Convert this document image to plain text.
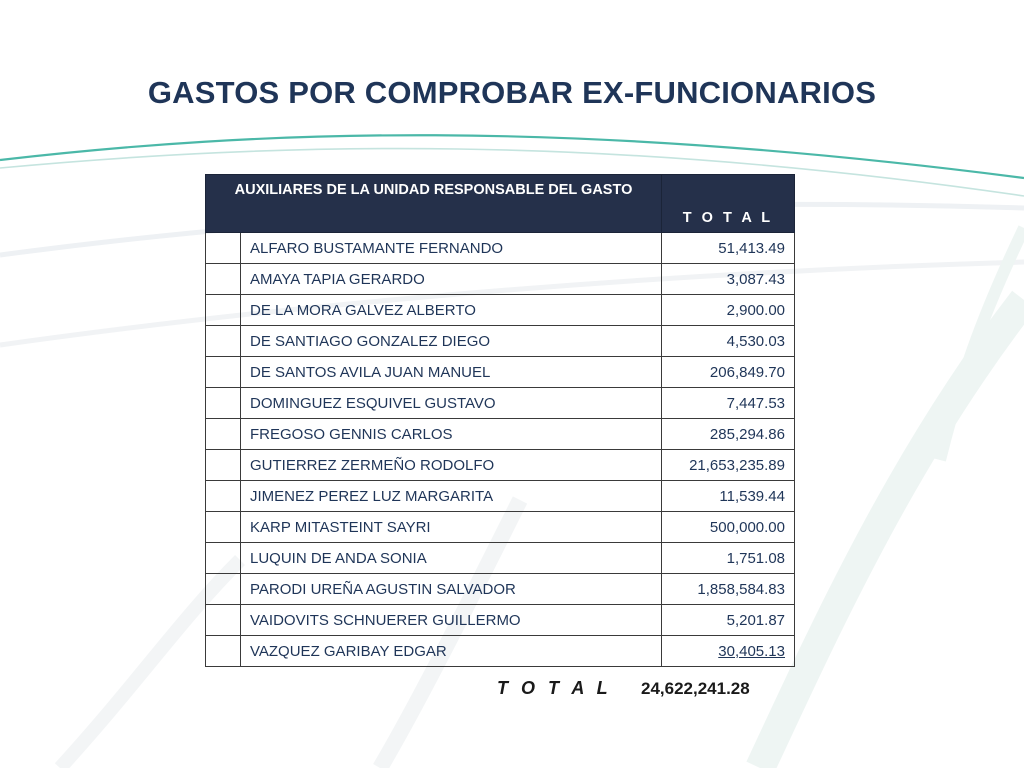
GASTOS POR COMPROBAR EX-FUNCIONARIOS
AUXILIARES DE LA UNIDAD RESPONSABLE DEL GASTO		T O T A L
	ALFARO BUSTAMANTE FERNANDO	51,413.49
	AMAYA TAPIA GERARDO	3,087.43
	DE LA MORA GALVEZ ALBERTO	2,900.00
	DE SANTIAGO GONZALEZ DIEGO	4,530.03
	DE SANTOS AVILA JUAN MANUEL	206,849.70
	DOMINGUEZ ESQUIVEL GUSTAVO	7,447.53
	FREGOSO GENNIS CARLOS	285,294.86
	GUTIERREZ ZERMEÑO RODOLFO	21,653,235.89
	JIMENEZ PEREZ LUZ MARGARITA	11,539.44
	KARP MITASTEINT SAYRI	500,000.00
	LUQUIN DE ANDA SONIA	1,751.08
	PARODI UREÑA AGUSTIN SALVADOR	1,858,584.83
	VAIDOVITS SCHNUERER GUILLERMO	5,201.87
	VAZQUEZ GARIBAY EDGAR	30,405.13
T O T A L 24,622,241.28
